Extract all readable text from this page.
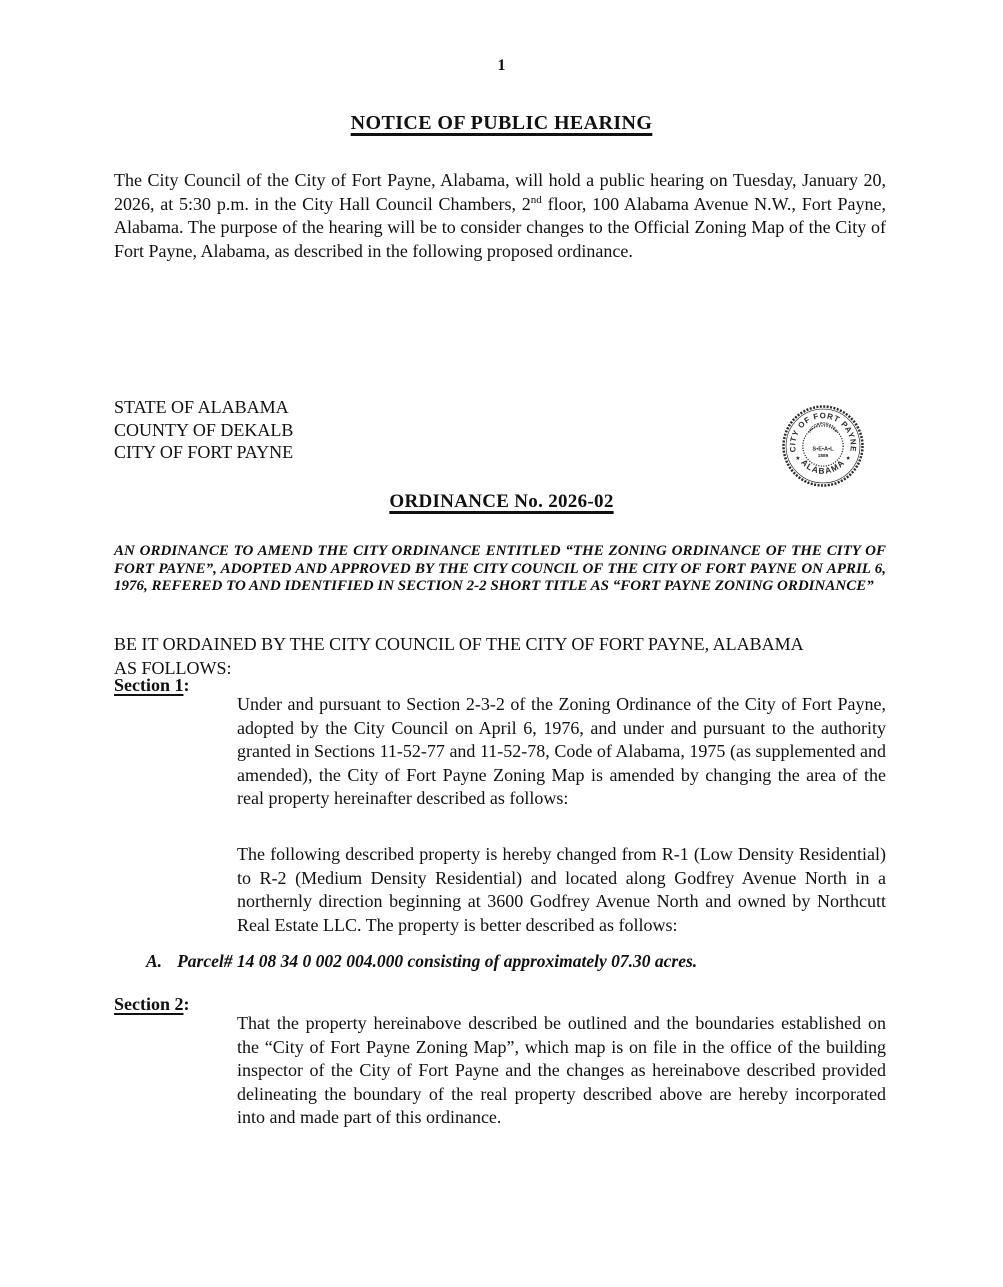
1
NOTICE OF PUBLIC HEARING

The City Council of the City of Fort Payne, Alabama, will hold a public hearing on Tuesday, January 20, 2026, at 5:30 p.m. in the City Hall Council Chambers, 2nd floor, 100 Alabama Avenue N.W., Fort Payne, Alabama. The purpose of the hearing will be to consider changes to the Official Zoning Map of the City of Fort Payne, Alabama, as described in the following proposed ordinance.

STATE OF ALABAMA
COUNTY OF DEKALB
CITY OF FORT PAYNE	CITY OF FORT PAYNE
ALABAMA
INCORPORATED
S•E•A•L
1889
★	★
ORDINANCE No. 2026-02

AN ORDINANCE TO AMEND THE CITY ORDINANCE ENTITLED “THE ZONING ORDINANCE OF THE CITY OF FORT PAYNE”, ADOPTED AND APPROVED BY THE CITY COUNCIL OF THE CITY OF FORT PAYNE ON APRIL 6, 1976, REFERED TO AND IDENTIFIED IN SECTION 2-2 SHORT TITLE AS “FORT PAYNE ZONING ORDINANCE”

BE IT ORDAINED BY THE CITY COUNCIL OF THE CITY OF FORT PAYNE, ALABAMA AS FOLLOWS:

Section 1:

Under and pursuant to Section 2-3-2 of the Zoning Ordinance of the City of Fort Payne, adopted by the City Council on April 6, 1976, and under and pursuant to the authority granted in Sections 11-52-77 and 11-52-78, Code of Alabama, 1975 (as supplemented and amended), the City of Fort Payne Zoning Map is amended by changing the area of the real property hereinafter described as follows:

The following described property is hereby changed from R-1 (Low Density Residential) to R-2 (Medium Density Residential) and located along Godfrey Avenue North in a northernly direction beginning at 3600 Godfrey Avenue North and owned by Northcutt Real Estate LLC. The property is better described as follows:

A. Parcel# 14 08 34 0 002 004.000 consisting of approximately 07.30 acres.
Section 2:

That the property hereinabove described be outlined and the boundaries established on the “City of Fort Payne Zoning Map”, which map is on file in the office of the building inspector of the City of Fort Payne and the changes as hereinabove described provided delineating the boundary of the real property described above are hereby incorporated into and made part of this ordinance.
